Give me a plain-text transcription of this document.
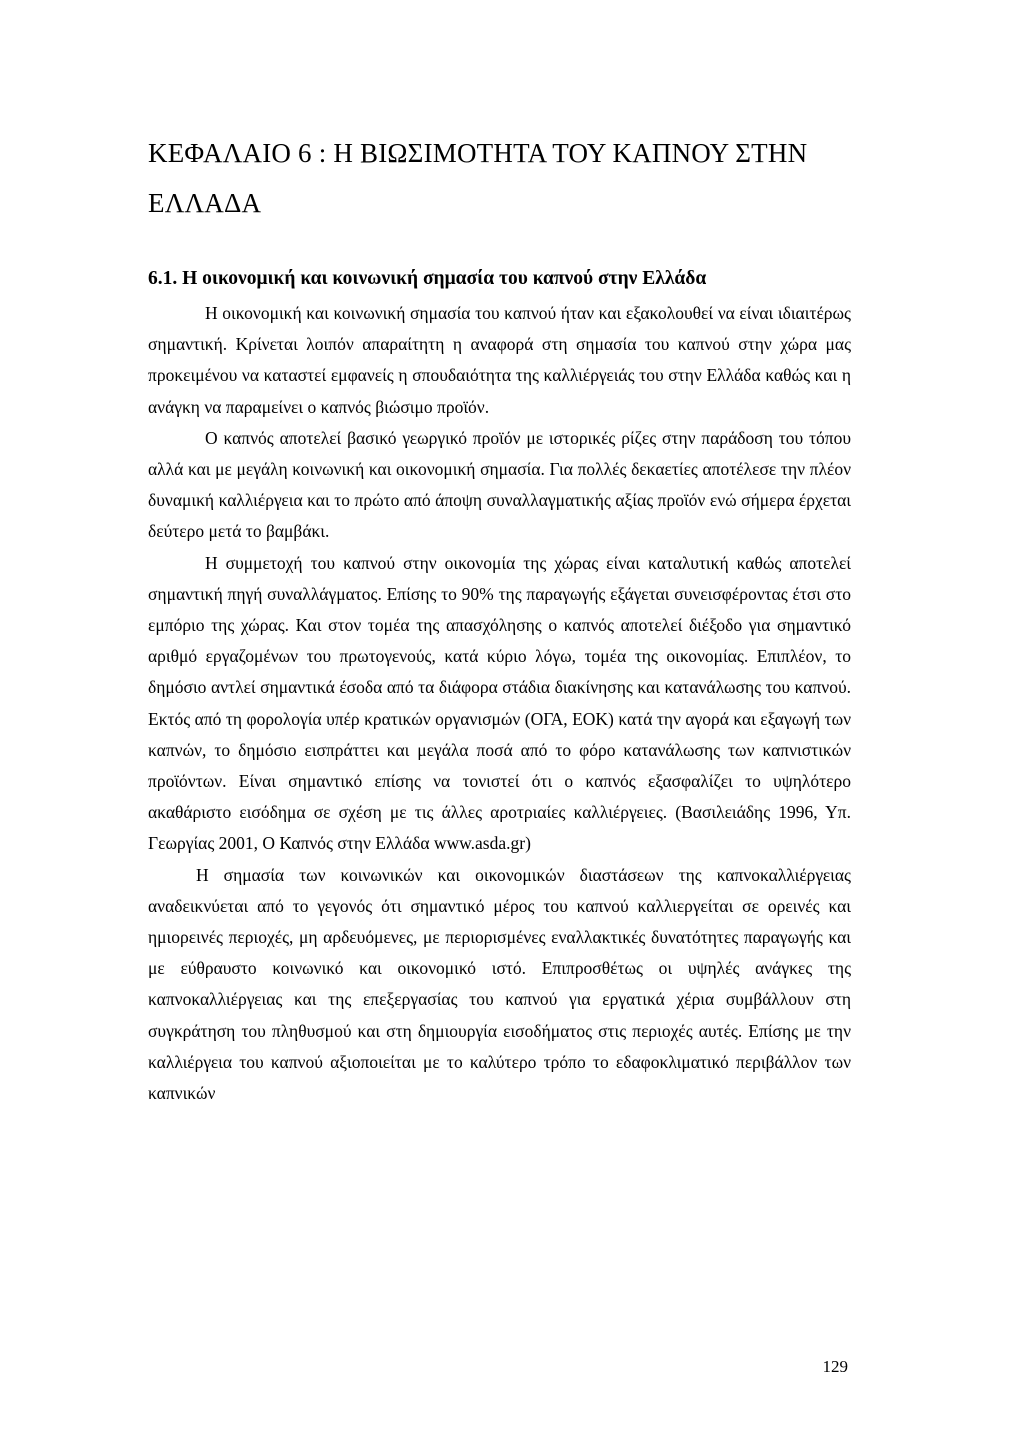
ΚΕΦΑΛΑΙΟ 6 : Η ΒΙΩΣΙΜΟΤΗΤΑ ΤΟΥ ΚΑΠΝΟΥ ΣΤΗΝ ΕΛΛΑΔΑ
6.1. Η οικονομική και κοινωνική σημασία του καπνού στην Ελλάδα

Η οικονομική και κοινωνική σημασία του καπνού ήταν και εξακολουθεί να είναι ιδιαιτέρως σημαντική. Κρίνεται λοιπόν απαραίτητη η αναφορά στη σημασία του καπνού στην χώρα μας προκειμένου να καταστεί εμφανείς η σπουδαιότητα της καλλιέργειάς του στην Ελλάδα καθώς και η ανάγκη να παραμείνει ο καπνός βιώσιμο προϊόν.

Ο καπνός αποτελεί βασικό γεωργικό προϊόν με ιστορικές ρίζες στην παράδοση του τόπου αλλά και με μεγάλη κοινωνική και οικονομική σημασία. Για πολλές δεκαετίες αποτέλεσε την πλέον δυναμική καλλιέργεια και το πρώτο από άποψη συναλλαγματικής αξίας προϊόν ενώ σήμερα έρχεται δεύτερο μετά το βαμβάκι.

Η συμμετοχή του καπνού στην οικονομία της χώρας είναι καταλυτική καθώς αποτελεί σημαντική πηγή συναλλάγματος. Επίσης το 90% της παραγωγής εξάγεται συνεισφέροντας έτσι στο εμπόριο της χώρας. Και στον τομέα της απασχόλησης ο καπνός αποτελεί διέξοδο για σημαντικό αριθμό εργαζομένων του πρωτογενούς, κατά κύριο λόγω, τομέα της οικονομίας. Επιπλέον, το δημόσιο αντλεί σημαντικά έσοδα από τα διάφορα στάδια διακίνησης και κατανάλωσης του καπνού. Εκτός από τη φορολογία υπέρ κρατικών οργανισμών (ΟΓΑ, ΕΟΚ) κατά την αγορά και εξαγωγή των καπνών, το δημόσιο εισπράττει και μεγάλα ποσά από το φόρο κατανάλωσης των καπνιστικών προϊόντων. Είναι σημαντικό επίσης να τονιστεί ότι ο καπνός εξασφαλίζει το υψηλότερο ακαθάριστο εισόδημα σε σχέση με τις άλλες αροτριαίες καλλιέργειες. (Βασιλειάδης 1996, Υπ. Γεωργίας 2001, Ο Καπνός στην Ελλάδα www.asda.gr)

Η σημασία των κοινωνικών και οικονομικών διαστάσεων της καπνοκαλλιέργειας αναδεικνύεται από το γεγονός ότι σημαντικό μέρος του καπνού καλλιεργείται σε ορεινές και ημιορεινές περιοχές, μη αρδευόμενες, με περιορισμένες εναλλακτικές δυνατότητες παραγωγής και με εύθραυστο κοινωνικό και οικονομικό ιστό. Επιπροσθέτως οι υψηλές ανάγκες της καπνοκαλλιέργειας και της επεξεργασίας του καπνού για εργατικά χέρια συμβάλλουν στη συγκράτηση του πληθυσμού και στη δημιουργία εισοδήματος στις περιοχές αυτές. Επίσης με την καλλιέργεια του καπνού αξιοποιείται με το καλύτερο τρόπο το εδαφοκλιματικό περιβάλλον των καπνικών

129
